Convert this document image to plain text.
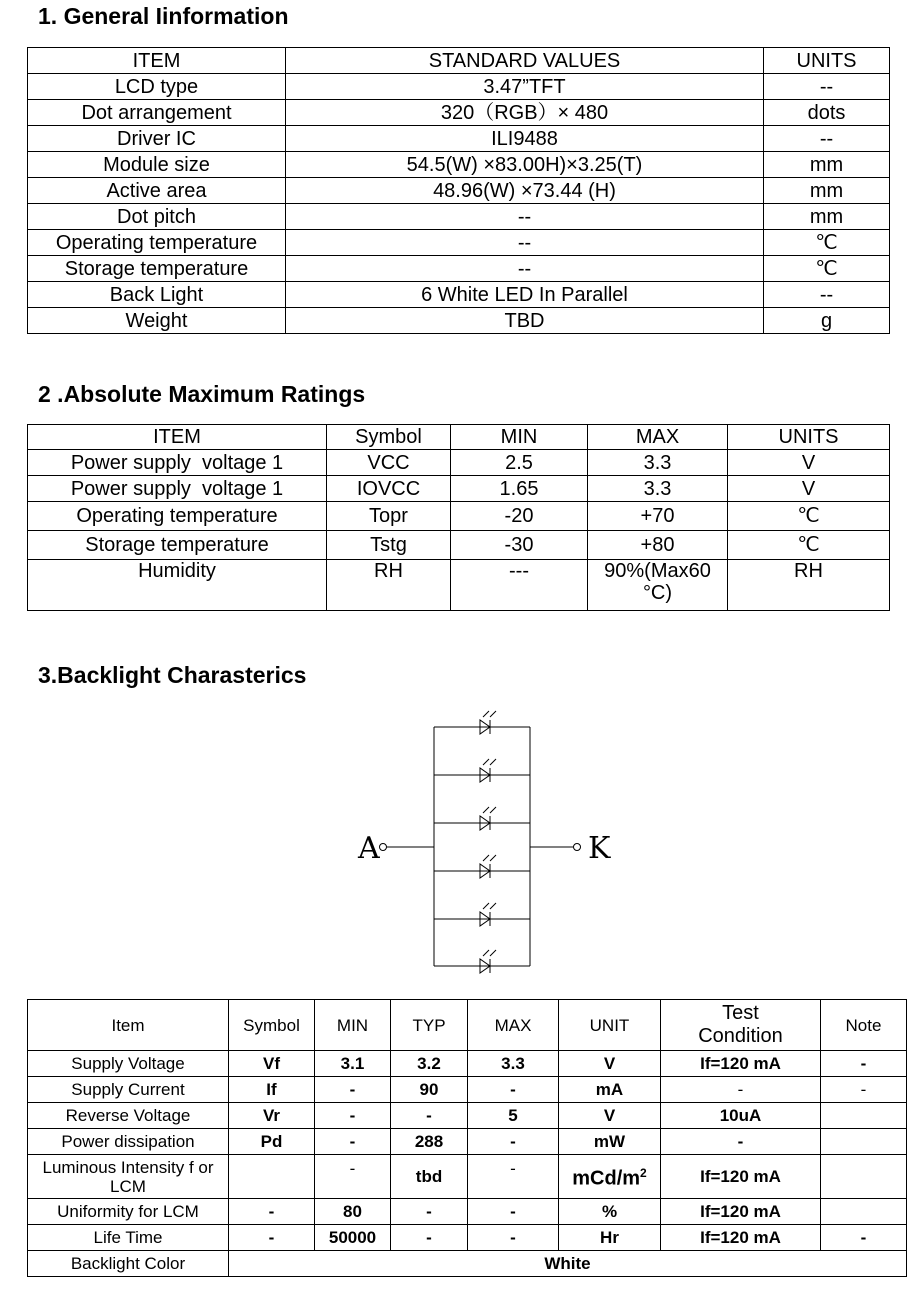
1. General Iinformation
ITEM	STANDARD VALUES	UNITS
LCD type	3.47”TFT	--
Dot arrangement	320（RGB）× 480	dots
Driver IC	ILI9488	--
Module size	54.5(W) ×83.00H)×3.25(T)	mm
Active area	48.96(W) ×73.44 (H)	mm
Dot pitch	--	mm
Operating temperature	--	℃
Storage temperature	--	℃
Back Light	6 White LED In Parallel	--
Weight	TBD	g
2 .Absolute Maximum Ratings
ITEM	Symbol	MIN	MAX	UNITS
Power supply  voltage 1	VCC	2.5	3.3	V
Power supply  voltage 1	IOVCC	1.65	3.3	V
Operating temperature	Topr	-20	+70	℃
Storage temperature	Tstg	-30	+80	℃
Humidity	RH	---	90%(Max60 °C)	RH
3.Backlight Charasterics
A	K
Item	Symbol	MIN	TYP	MAX	UNIT	Test Condition	Note
Supply Voltage	Vf	3.1	3.2	3.3	V	If=120 mA	-
Supply Current	If	-	90	-	mA	-	-
Reverse Voltage	Vr	-	-	5	V	10uA	
Power dissipation	Pd	-	288	-	mW	-	
Luminous Intensity f or LCM		-	tbd	-	mCd/$m^2$	If=120 mA	
Uniformity for LCM	-	80	-	-	%	If=120 mA	
Life Time	-	50000	-	-	Hr	If=120 mA	-
Backlight Color	White						
